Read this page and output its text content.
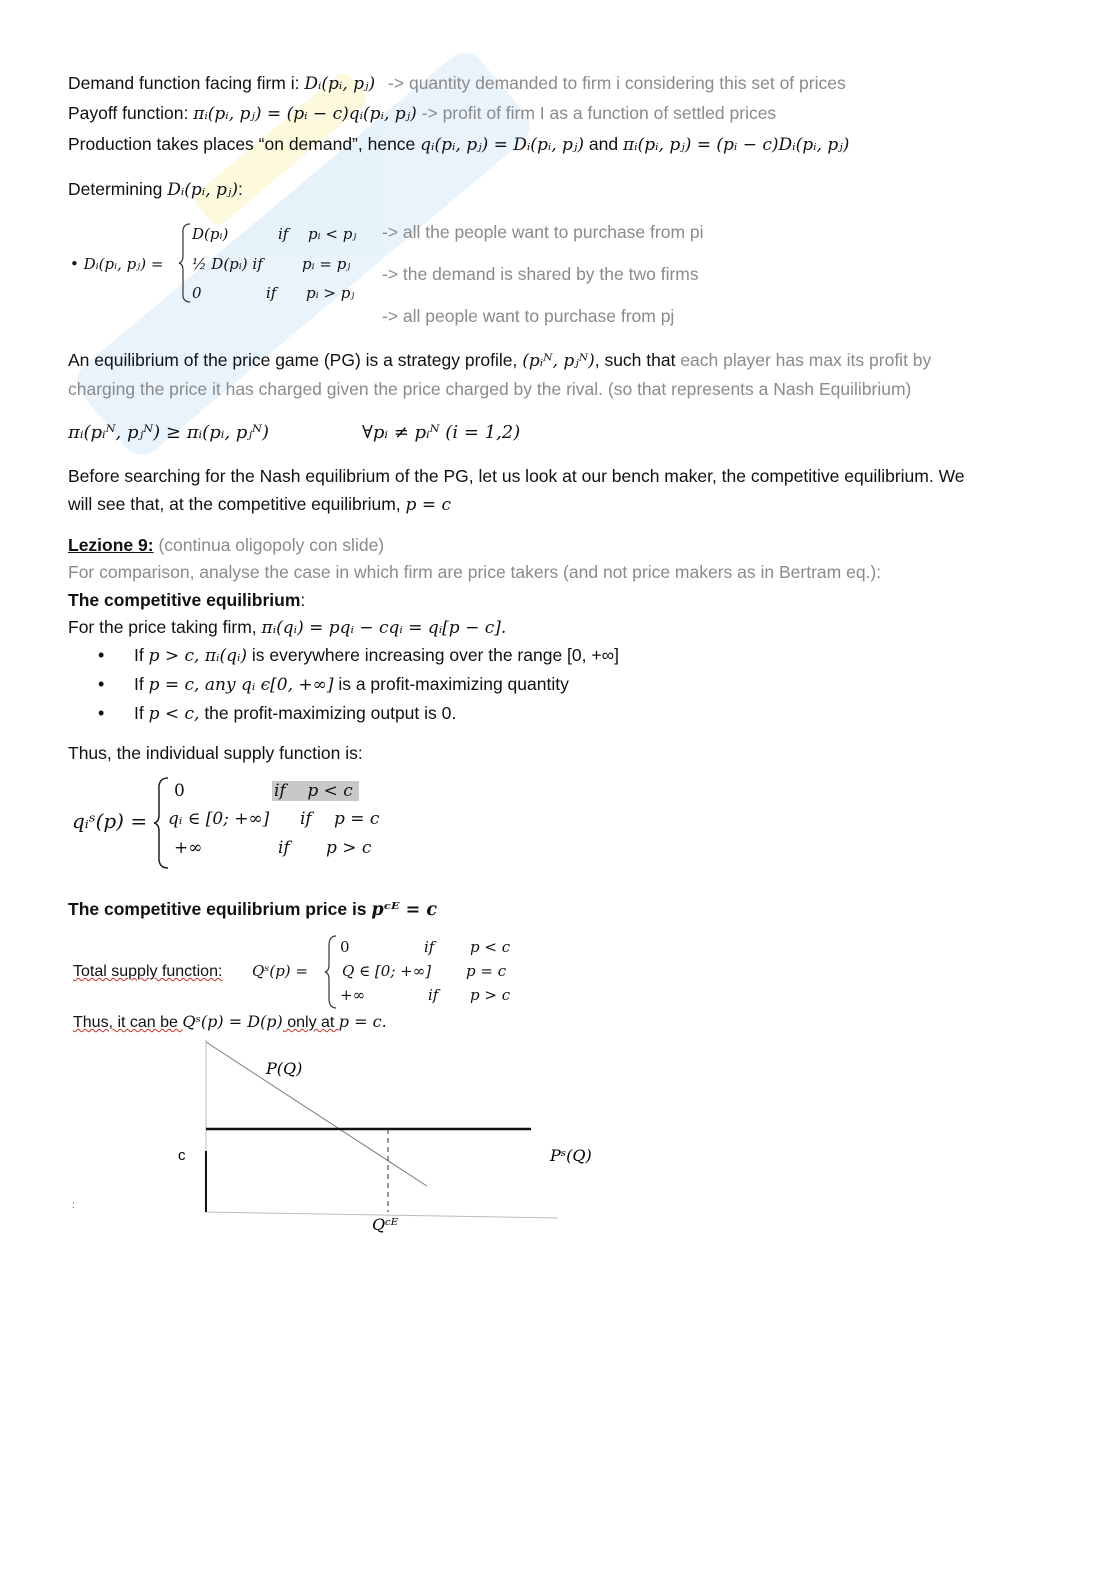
Demand function facing firm i: Dᵢ(pᵢ, pⱼ) -> quantity demanded to firm i considering this set of prices
Payoff function: πᵢ(pᵢ, pⱼ) = (pᵢ − c)qᵢ(pᵢ, pⱼ) -> profit of firm I as a function of settled prices
Production takes places “on demand”, hence qᵢ(pᵢ, pⱼ) = Dᵢ(pᵢ, pⱼ) and πᵢ(pᵢ, pⱼ) = (pᵢ − c)Dᵢ(pᵢ, pⱼ)
Determining Dᵢ(pᵢ, pⱼ):
• Dᵢ(pᵢ, pⱼ) =
D(pᵢ)	if pᵢ < pⱼ
½ D(pᵢ) if	pᵢ = pⱼ
0	if pᵢ > pⱼ
-> all the people want to purchase from pi
-> the demand is shared by the two firms
-> all people want to purchase from pj
An equilibrium of the price game (PG) is a strategy profile, (pᵢᴺ, pⱼᴺ), such that each player has max its profit by
charging the price it has charged given the price charged by the rival. (so that represents a Nash Equilibrium)
πᵢ(pᵢᴺ, pⱼᴺ) ≥ πᵢ(pᵢ, pⱼᴺ)	∀pᵢ ≠ pᵢᴺ (i = 1,2)
Before searching for the Nash equilibrium of the PG, let us look at our bench maker, the competitive equilibrium. We
will see that, at the competitive equilibrium, p = c
Lezione 9: (continua oligopoly con slide)
For comparison, analyse the case in which firm are price takers (and not price makers as in Bertram eq.):
The competitive equilibrium:
For the price taking firm, πᵢ(qᵢ) = pqᵢ − cqᵢ = qᵢ[p − c].
• If p > c, πᵢ(qᵢ) is everywhere increasing over the range [0, +∞]
• If p = c, any qᵢ ϵ[0, +∞] is a profit-maximizing quantity
• If p < c, the profit-maximizing output is 0.
Thus, the individual supply function is:
qᵢˢ(p) =
0	if p < c
qᵢ ∈ [0; +∞] if p = c
+∞	if p > c
The competitive equilibrium price is pᶜᴱ = c
Total supply function: Qˢ(p) =
0	if p < c
Q ∈ [0; +∞] p = c
+∞	if p > c
Thus, it can be Qˢ(p) = D(p) only at p = c.
P(Q)
Pˢ(Q)
c
Qᶜᴱ
:
